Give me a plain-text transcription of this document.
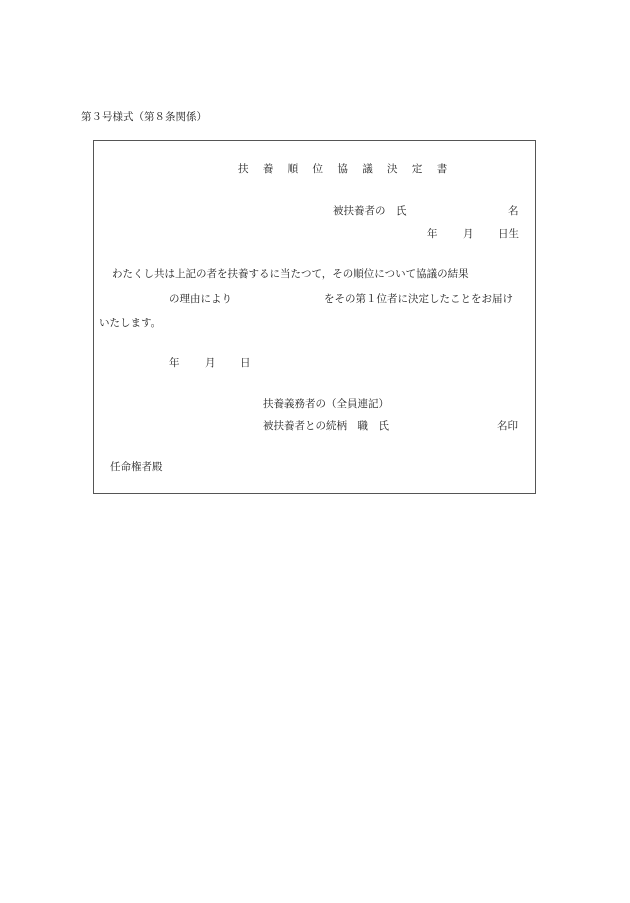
第３号様式（第８条関係）
扶 養 順 位 協 議 決 定 書
被扶養者の　氏	名
年 月 日生
わたくし共は上記の者を扶養するに当たつて，その順位について協議の結果
の理由により	をその第１位者に決定したことをお届け
いたします。
年 月 日
扶養義務者の（全員連記）
被扶養者との続柄　職　氏	名印
任命権者殿
